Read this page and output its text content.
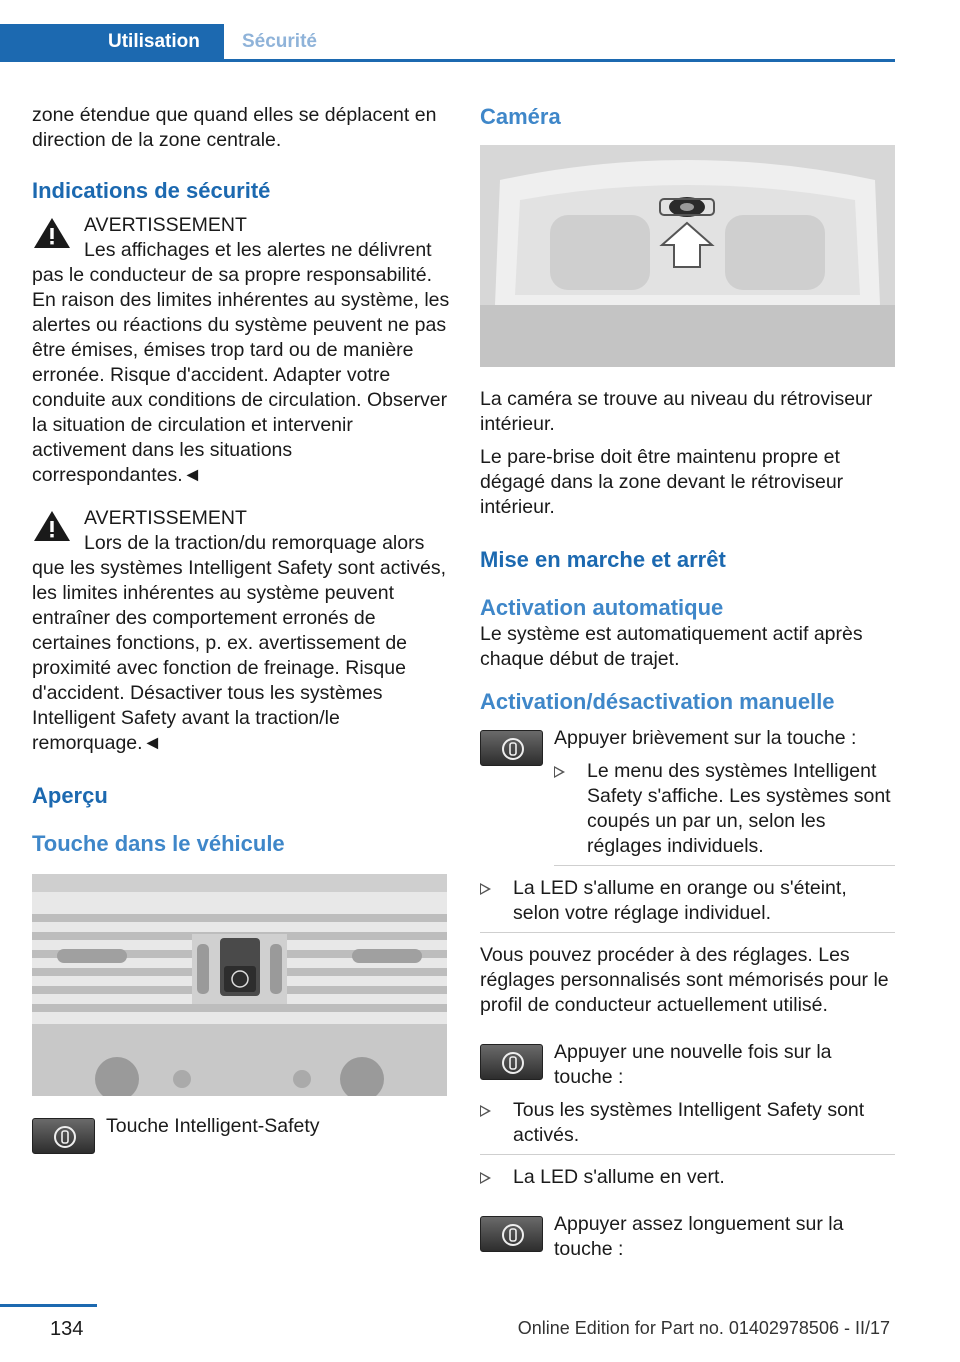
Utilisation	Sécurité

zone étendue que quand elles se déplacent en direction de la zone centrale.

Indications de sécurité

AVERTISSEMENT

Les affichages et les alertes ne délivrent pas le conducteur de sa propre responsabilité. En raison des limites inhérentes au système, les alertes ou réactions du système peuvent ne pas être émises, émises trop tard ou de manière erronée. Risque d'accident. Adapter votre conduite aux conditions de circulation. Observer la situation de circulation et intervenir activement dans les situations correspondantes.◄

AVERTISSEMENT

Lors de la traction/du remorquage alors que les systèmes Intelligent Safety sont activés, les limites inhérentes au système peuvent entraîner des comportement erronés de certaines fonctions, p. ex. avertissement de proximité avec fonction de freinage. Risque d'accident. Désactiver tous les systèmes Intelligent Safety avant la traction/le remorquage.◄

Aperçu

Touche dans le véhicule

Touche Intelligent-Safety

Caméra

La caméra se trouve au niveau du rétroviseur intérieur.

Le pare-brise doit être maintenu propre et dégagé dans la zone devant le rétroviseur intérieur.

Mise en marche et arrêt

Activation automatique

Le système est automatiquement actif après chaque début de trajet.

Activation/désactivation manuelle

Appuyer brièvement sur la touche :

Le menu des systèmes Intelligent Safety s'affiche. Les systèmes sont coupés un par un, selon les réglages individuels.

La LED s'allume en orange ou s'éteint, selon votre réglage individuel.

Vous pouvez procéder à des réglages. Les réglages personnalisés sont mémorisés pour le profil de conducteur actuellement utilisé.

Appuyer une nouvelle fois sur la touche :

Tous les systèmes Intelligent Safety sont activés.

La LED s'allume en vert.

Appuyer assez longuement sur la touche :

134	Online Edition for Part no. 01402978506 - II/17
